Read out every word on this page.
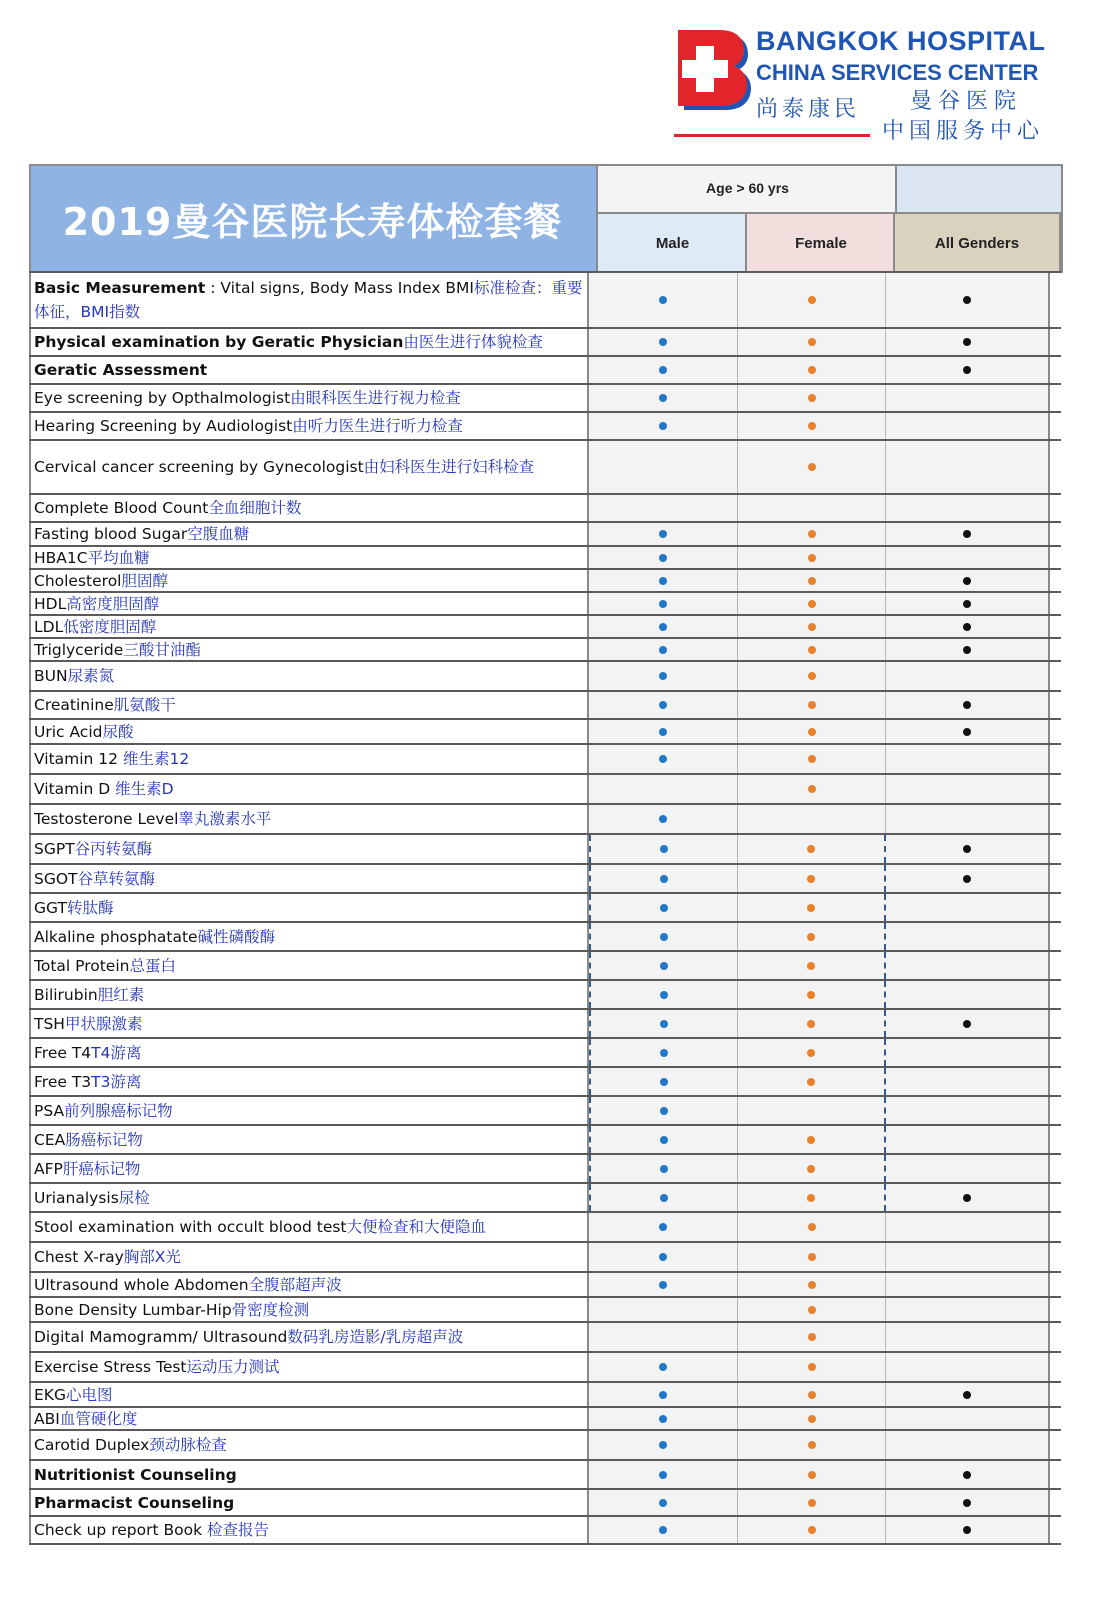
BANGKOK HOSPITAL
CHINA SERVICES CENTER
尚泰康民 曼谷医院
中国服务中心
2019曼谷医院长寿体检套餐
Age > 60 yrs
Male	Female	All Genders
Basic Measurement : Vital signs, Body Mass Index BMI标准检查：重要体征，BMI指数
Physical examination by Geratic Physician由医生进行体貌检查
Geratic Assessment
Eye screening by Opthalmologist由眼科医生进行视力检查
Hearing Screening by Audiologist由听力医生进行听力检查
Cervical cancer screening by Gynecologist由妇科医生进行妇科检查
Complete Blood Count全血细胞计数
Fasting blood Sugar空腹血糖
HBA1C平均血糖
Cholesterol胆固醇
HDL高密度胆固醇
LDL低密度胆固醇
Triglyceride三酸甘油酯
BUN尿素氮
Creatinine肌氨酸干
Uric Acid尿酸
Vitamin 12 维生素12
Vitamin D 维生素D
Testosterone Level睾丸激素水平
SGPT谷丙转氨酶
SGOT谷草转氨酶
GGT转肽酶
Alkaline phosphatate碱性磷酸酶
Total Protein总蛋白
Bilirubin胆红素
TSH甲状腺激素
Free T4T4游离
Free T3T3游离
PSA前列腺癌标记物
CEA肠癌标记物
AFP肝癌标记物
Urianalysis尿检
Stool examination with occult blood test大便检查和大便隐血
Chest X-ray胸部X光
Ultrasound whole Abdomen全腹部超声波
Bone Density Lumbar-Hip骨密度检测
Digital Mamogramm/ Ultrasound数码乳房造影/乳房超声波
Exercise Stress Test运动压力测试
EKG心电图
ABI血管硬化度
Carotid Duplex颈动脉检查
Nutritionist Counseling
Pharmacist Counseling
Check up report Book 检查报告
